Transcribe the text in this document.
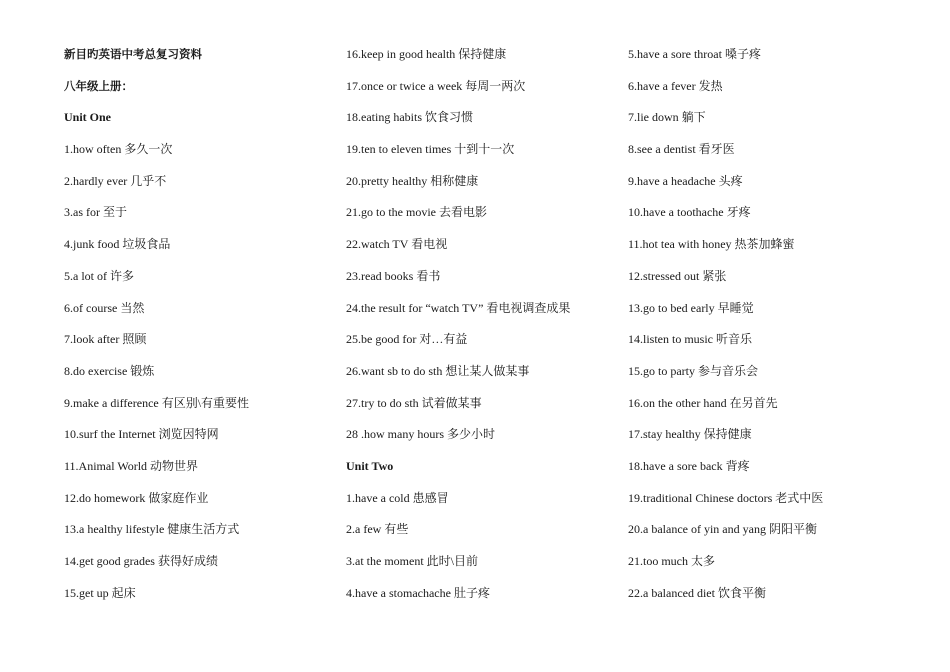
新目旳英语中考总复习资料
八年级上册：
Unit One
1.how often 多久一次
2.hardly ever 几乎不
3.as for 至于
4.junk food 垃圾食品
5.a lot of 许多
6.of course 当然
7.look after 照顾
8.do exercise 锻炼
9.make a difference 有区别\有重要性
10.surf the Internet 浏览因特网
11.Animal World 动物世界
12.do homework 做家庭作业
13.a healthy lifestyle 健康生活方式
14.get good grades 获得好成绩
15.get up 起床
16.keep in good health 保持健康
17.once or twice a week 每周一两次
18.eating habits 饮食习惯
19.ten to eleven times 十到十一次
20.pretty healthy 相称健康
21.go to the movie 去看电影
22.watch TV 看电视
23.read books 看书
24.the result for “watch TV” 看电视调查成果
25.be good for 对…有益
26.want sb to do sth 想让某人做某事
27.try to do sth 试着做某事
28 .how many hours 多少小时
Unit Two
1.have a cold 患感冒
2.a few 有些
3.at the moment 此时\目前
4.have a stomachache 肚子疼
5.have a sore throat 嗓子疼
6.have a fever 发热
7.lie down 躺下
8.see a dentist 看牙医
9.have a headache 头疼
10.have a toothache 牙疼
11.hot tea with honey 热茶加蜂蜜
12.stressed out 紧张
13.go to bed early 早睡觉
14.listen to music 听音乐
15.go to party 参与音乐会
16.on the other hand 在另首先
17.stay healthy 保持健康
18.have a sore back 背疼
19.traditional Chinese doctors 老式中医
20.a balance of yin and yang 阴阳平衡
21.too much 太多
22.a balanced diet 饮食平衡
